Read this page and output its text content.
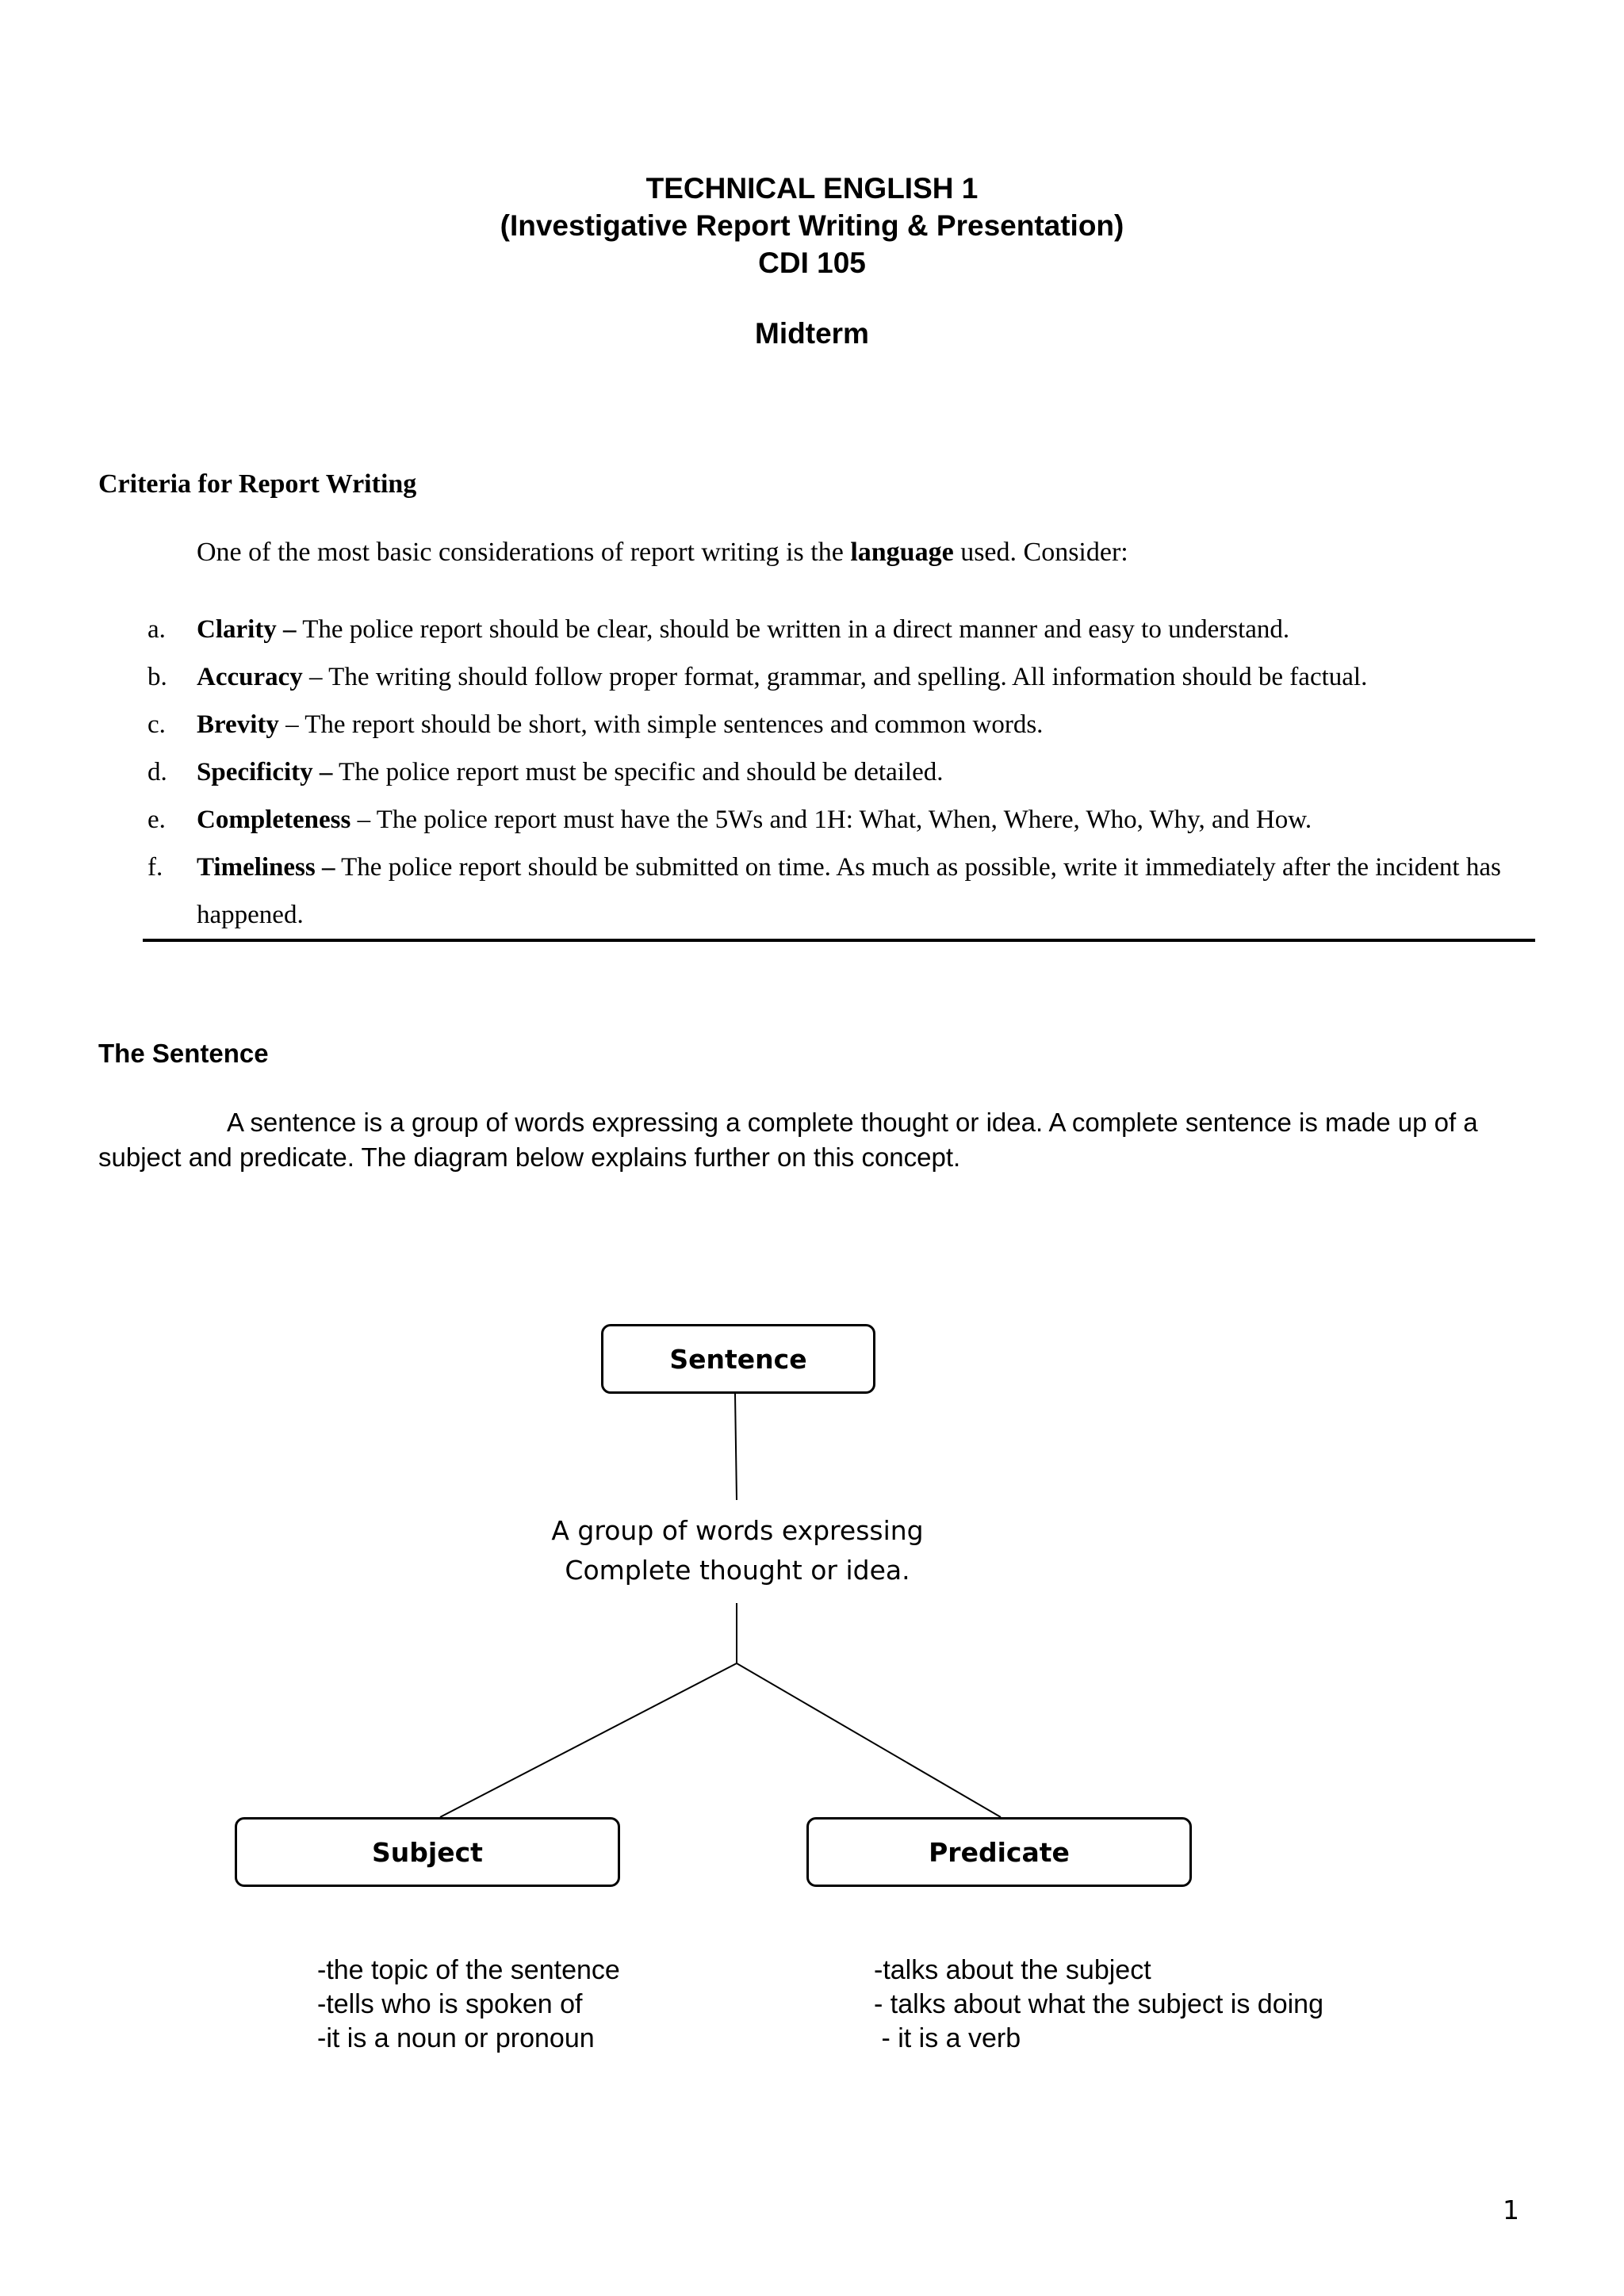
TECHNICAL ENGLISH 1
(Investigative Report Writing & Presentation)
CDI 105
Midterm
Criteria for Report Writing
One of the most basic considerations of report writing is the language used. Consider:
a. Clarity – The police report should be clear, should be written in a direct manner and easy to understand.
b. Accuracy – The writing should follow proper format, grammar, and spelling. All information should be factual.
c. Brevity – The report should be short, with simple sentences and common words.
d. Specificity – The police report must be specific and should be detailed.
e. Completeness – The police report must have the 5Ws and 1H: What, When, Where, Who, Why, and How.
f. Timeliness – The police report should be submitted on time. As much as possible, write it immediately after the incident has happened.
The Sentence
A sentence is a group of words expressing a complete thought or idea. A complete sentence is made up of a subject and predicate. The diagram below explains further on this concept.
Sentence
A group of words expressing
Complete thought or idea.
Subject	Predicate
-the topic of the sentence
-tells who is spoken of
-it is a noun or pronoun
-talks about the subject
- talks about what the subject is doing
- it is a verb
1
